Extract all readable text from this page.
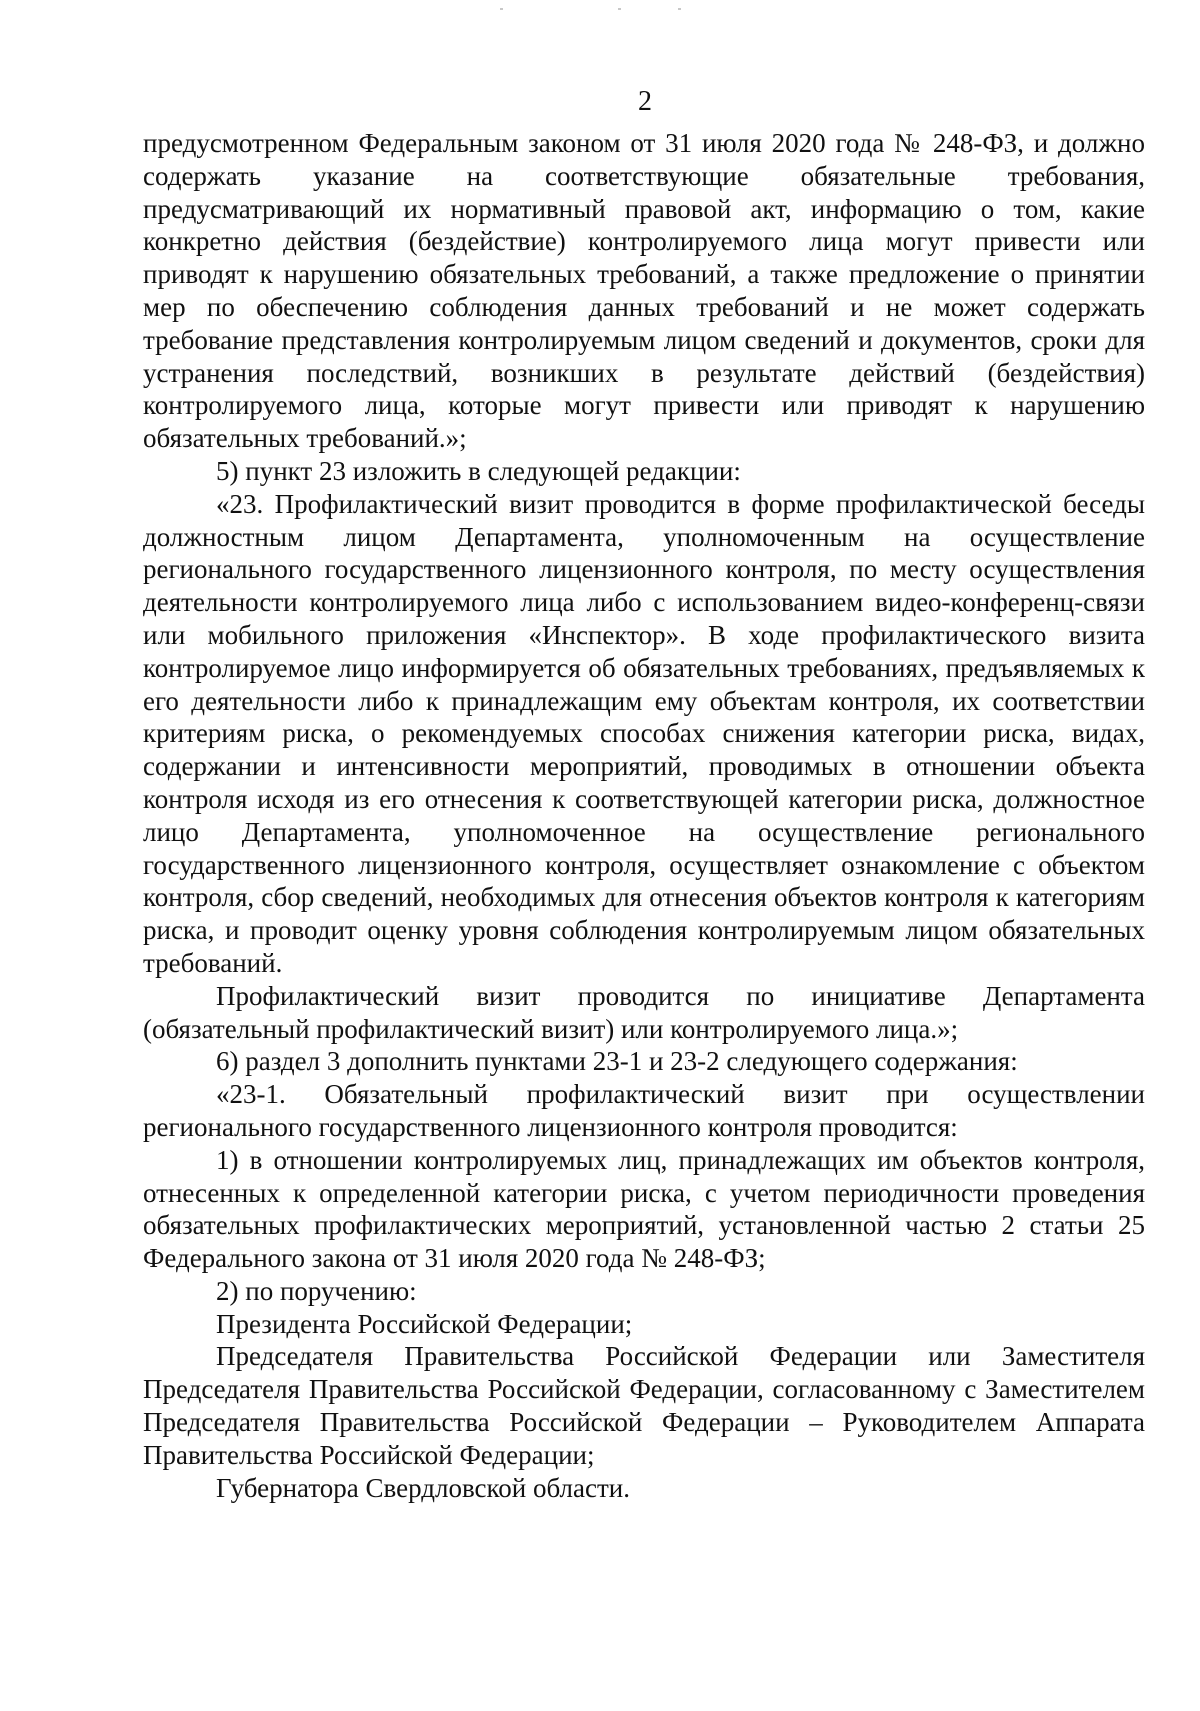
2

предусмотренном Федеральным законом от 31 июля 2020 года № 248-ФЗ, и должно содержать указание на соответствующие обязательные требования, предусматривающий их нормативный правовой акт, информацию о том, какие конкретно действия (бездействие) контролируемого лица могут привести или приводят к нарушению обязательных требований, а также предложение о принятии мер по обеспечению соблюдения данных требований и не может содержать требование представления контролируемым лицом сведений и документов, сроки для устранения последствий, возникших в результате действий (бездействия) контролируемого лица, которые могут привести или приводят к нарушению обязательных требований.»;

5) пункт 23 изложить в следующей редакции:

«23. Профилактический визит проводится в форме профилактической беседы должностным лицом Департамента, уполномоченным на осуществление регионального государственного лицензионного контроля, по месту осуществления деятельности контролируемого лица либо с использованием видео-конференц-связи или мобильного приложения «Инспектор». В ходе профилактического визита контролируемое лицо информируется об обязательных требованиях, предъявляемых к его деятельности либо к принадлежащим ему объектам контроля, их соответствии критериям риска, о рекомендуемых способах снижения категории риска, видах, содержании и интенсивности мероприятий, проводимых в отношении объекта контроля исходя из его отнесения к соответствующей категории риска, должностное лицо Департамента, уполномоченное на осуществление регионального государственного лицензионного контроля, осуществляет ознакомление с объектом контроля, сбор сведений, необходимых для отнесения объектов контроля к категориям риска, и проводит оценку уровня соблюдения контролируемым лицом обязательных требований.

Профилактический визит проводится по инициативе Департамента (обязательный профилактический визит) или контролируемого лица.»;

6) раздел 3 дополнить пунктами 23-1 и 23-2 следующего содержания:

«23-1. Обязательный профилактический визит при осуществлении регионального государственного лицензионного контроля проводится:

1) в отношении контролируемых лиц, принадлежащих им объектов контроля, отнесенных к определенной категории риска, с учетом периодичности проведения обязательных профилактических мероприятий, установленной частью 2 статьи 25 Федерального закона от 31 июля 2020 года № 248-ФЗ;

2) по поручению:

Президента Российской Федерации;

Председателя Правительства Российской Федерации или Заместителя Председателя Правительства Российской Федерации, согласованному с Заместителем Председателя Правительства Российской Федерации – Руководителем Аппарата Правительства Российской Федерации;

Губернатора Свердловской области.
